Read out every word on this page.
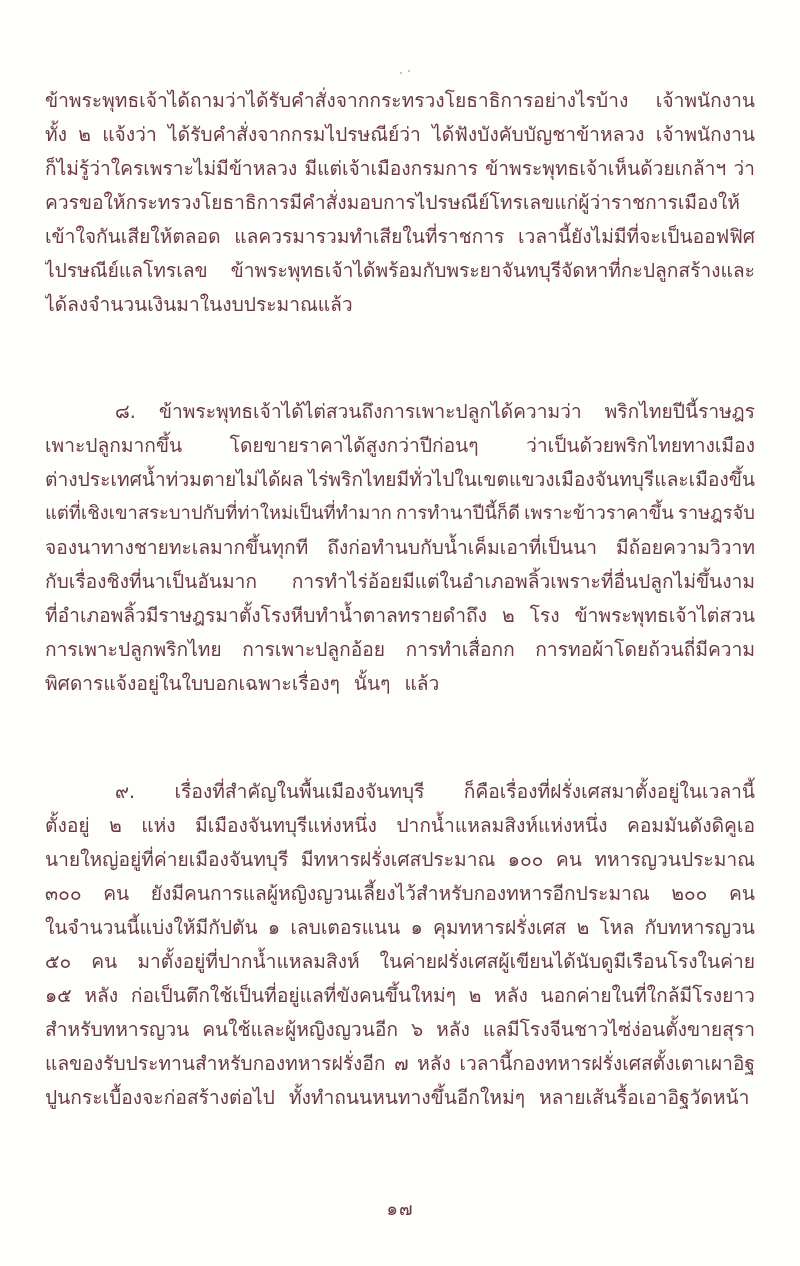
ข้าพระพุทธเจ้าได้ถามว่าได้รับคำสั่งจากกระทรวงโยธาธิการอย่างไรบ้าง เจ้าพนักงาน
ทั้ง ๒ แจ้งว่า ได้รับคำสั่งจากกรมไปรษณีย์ว่า ได้ฟังบังคับบัญชาข้าหลวง เจ้าพนักงาน
ก็ไม่รู้ว่าใครเพราะไม่มีข้าหลวง มีแต่เจ้าเมืองกรมการ ข้าพระพุทธเจ้าเห็นด้วยเกล้าฯ ว่า
ควรขอให้กระทรวงโยธาธิการมีคำสั่งมอบการไปรษณีย์โทรเลขแก่ผู้ว่าราชการเมืองให้
เข้าใจกันเสียให้ตลอด แลควรมารวมทำเสียในที่ราชการ เวลานี้ยังไม่มีที่จะเป็นออฟฟิศ
ไปรษณีย์แลโทรเลข ข้าพระพุทธเจ้าได้พร้อมกับพระยาจันทบุรีจัดหาที่กะปลูกสร้างและ
ได้ลงจำนวนเงินมาในงบประมาณแล้ว
๘. ข้าพระพุทธเจ้าได้ไต่สวนถึงการเพาะปลูกได้ความว่า พริกไทยปีนี้ราษฎร
เพาะปลูกมากขึ้น โดยขายราคาได้สูงกว่าปีก่อนๆ ว่าเป็นด้วยพริกไทยทางเมือง
ต่างประเทศน้ำท่วมตายไม่ได้ผล ไร่พริกไทยมีทั่วไปในเขตแขวงเมืองจันทบุรีและเมืองขึ้น
แต่ที่เชิงเขาสระบาปกับที่ท่าใหม่เป็นที่ทำมาก การทำนาปีนี้ก็ดี เพราะข้าวราคาขึ้น ราษฎรจับ
จองนาทางชายทะเลมากขึ้นทุกที ถึงก่อทำนบกับน้ำเค็มเอาที่เป็นนา มีถ้อยความวิวาท
กับเรื่องชิงที่นาเป็นอันมาก การทำไร่อ้อยมีแต่ในอำเภอพลิ้วเพราะที่อื่นปลูกไม่ขึ้นงาม
ที่อำเภอพลิ้วมีราษฎรมาตั้งโรงหีบทำน้ำตาลทรายดำถึง ๒ โรง ข้าพระพุทธเจ้าไต่สวน
การเพาะปลูกพริกไทย การเพาะปลูกอ้อย การทำเสื่อกก การทอผ้าโดยถ้วนถี่มีความ
พิศดารแจ้งอยู่ในใบบอกเฉพาะเรื่องๆ นั้นๆ แล้ว
๙. เรื่องที่สำคัญในพื้นเมืองจันทบุรี ก็คือเรื่องที่ฝรั่งเศสมาตั้งอยู่ในเวลานี้
ตั้งอยู่ ๒ แห่ง มีเมืองจันทบุรีแห่งหนึ่ง ปากน้ำแหลมสิงห์แห่งหนึ่ง คอมมันดังดิคูเอ
นายใหญ่อยู่ที่ค่ายเมืองจันทบุรี มีทหารฝรั่งเศสประมาณ ๑๐๐ คน ทหารญวนประมาณ
๓๐๐ คน ยังมีคนการแลผู้หญิงญวนเลี้ยงไว้สำหรับกองทหารอีกประมาณ ๒๐๐ คน
ในจำนวนนี้แบ่งให้มีกัปตัน ๑ เลบเตอรแนน ๑ คุมทหารฝรั่งเศส ๒ โหล กับทหารญวน
๕๐ คน มาตั้งอยู่ที่ปากน้ำแหลมสิงห์ ในค่ายฝรั่งเศสผู้เขียนได้นับดูมีเรือนโรงในค่าย
๑๕ หลัง ก่อเป็นตึกใช้เป็นที่อยู่แลที่ขังคนขึ้นใหม่ๆ ๒ หลัง นอกค่ายในที่ใกล้มีโรงยาว
สำหรับทหารญวน คนใช้และผู้หญิงญวนอีก ๖ หลัง แลมีโรงจีนชาวไซ่ง่อนตั้งขายสุรา
แลของรับประทานสำหรับกองทหารฝรั่งอีก ๗ หลัง เวลานี้กองทหารฝรั่งเศสตั้งเตาเผาอิฐ
ปูนกระเบื้องจะก่อสร้างต่อไป ทั้งทำถนนหนทางขึ้นอีกใหม่ๆ หลายเส้นรื้อเอาอิฐวัดหน้า
๑๗
